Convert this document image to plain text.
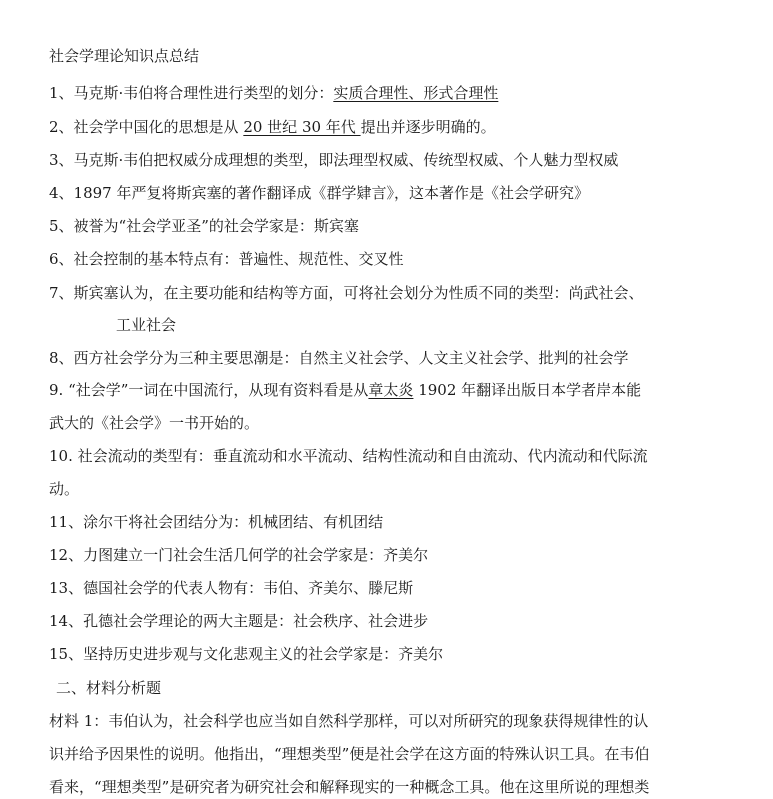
社会学理论知识点总结
1、马克斯·韦伯将合理性进行类型的划分：实质合理性、形式合理性
2、社会学中国化的思想是从 20 世纪 30 年代 提出并逐步明确的。
3、马克斯·韦伯把权威分成理想的类型，即法理型权威、传统型权威、个人魅力型权威
4、1897 年严复将斯宾塞的著作翻译成《群学肄言》，这本著作是《社会学研究》
5、被誉为“社会学亚圣”的社会学家是：斯宾塞
6、社会控制的基本特点有：普遍性、规范性、交叉性
7、斯宾塞认为，在主要功能和结构等方面，可将社会划分为性质不同的类型：尚武社会、
工业社会
8、西方社会学分为三种主要思潮是：自然主义社会学、人文主义社会学、批判的社会学
9. “社会学”一词在中国流行，从现有资料看是从章太炎 1902 年翻译出版日本学者岸本能
武大的《社会学》一书开始的。
10. 社会流动的类型有：垂直流动和水平流动、结构性流动和自由流动、代内流动和代际流
动。
11、涂尔干将社会团结分为：机械团结、有机团结
12、力图建立一门社会生活几何学的社会学家是：齐美尔
13、德国社会学的代表人物有：韦伯、齐美尔、滕尼斯
14、孔德社会学理论的两大主题是：社会秩序、社会进步
15、坚持历史进步观与文化悲观主义的社会学家是：齐美尔
二、材料分析题
材料 1：韦伯认为，社会科学也应当如自然科学那样，可以对所研究的现象获得规律性的认
识并给予因果性的说明。他指出，“理想类型”便是社会学在这方面的特殊认识工具。在韦伯
看来，“理想类型”是研究者为研究社会和解释现实的一种概念工具。他在这里所说的理想类
